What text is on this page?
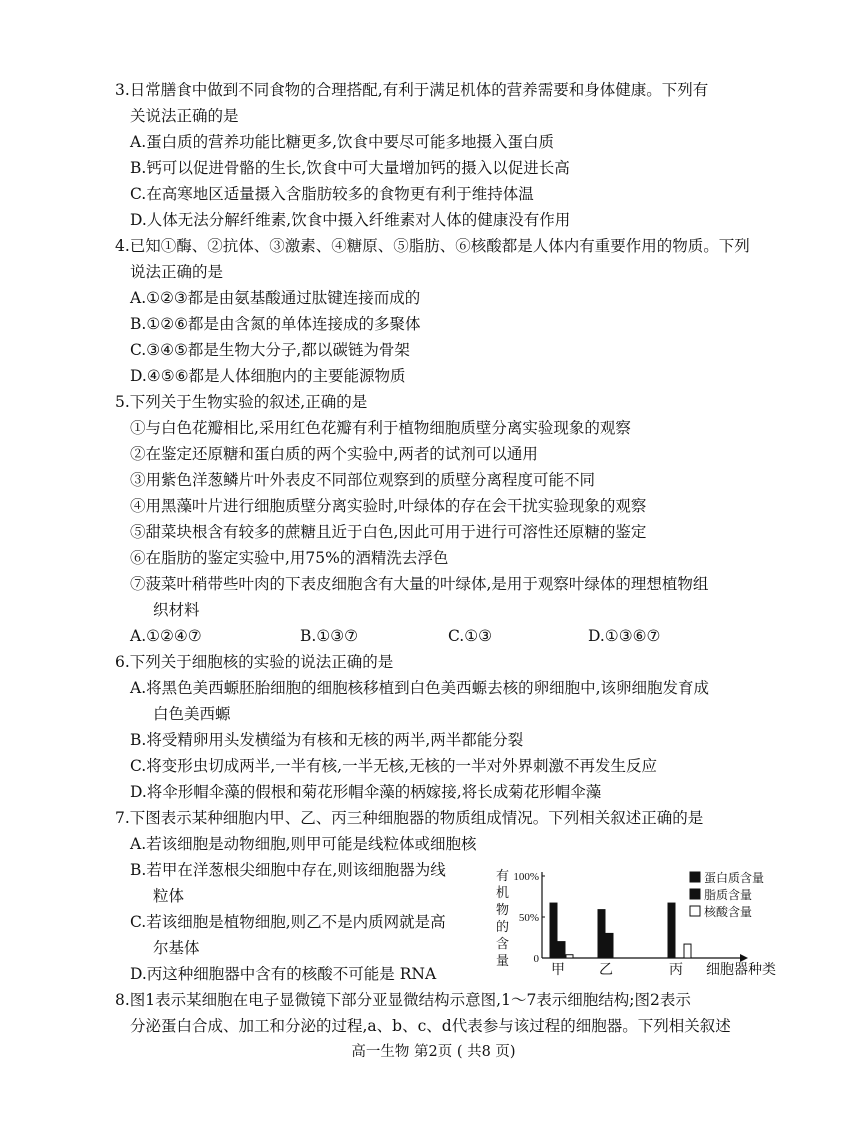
3.日常膳食中做到不同食物的合理搭配,有利于满足机体的营养需要和身体健康。下列有
关说法正确的是
A.蛋白质的营养功能比糖更多,饮食中要尽可能多地摄入蛋白质
B.钙可以促进骨骼的生长,饮食中可大量增加钙的摄入以促进长高
C.在高寒地区适量摄入含脂肪较多的食物更有利于维持体温
D.人体无法分解纤维素,饮食中摄入纤维素对人体的健康没有作用
4.已知①酶、②抗体、③激素、④糖原、⑤脂肪、⑥核酸都是人体内有重要作用的物质。下列
说法正确的是
A.①②③都是由氨基酸通过肽键连接而成的
B.①②⑥都是由含氮的单体连接成的多聚体
C.③④⑤都是生物大分子,都以碳链为骨架
D.④⑤⑥都是人体细胞内的主要能源物质
5.下列关于生物实验的叙述,正确的是
①与白色花瓣相比,采用红色花瓣有利于植物细胞质壁分离实验现象的观察
②在鉴定还原糖和蛋白质的两个实验中,两者的试剂可以通用
③用紫色洋葱鳞片叶外表皮不同部位观察到的质壁分离程度可能不同
④用黑藻叶片进行细胞质壁分离实验时,叶绿体的存在会干扰实验现象的观察
⑤甜菜块根含有较多的蔗糖且近于白色,因此可用于进行可溶性还原糖的鉴定
⑥在脂肪的鉴定实验中,用75%的酒精洗去浮色
⑦菠菜叶稍带些叶肉的下表皮细胞含有大量的叶绿体,是用于观察叶绿体的理想植物组
织材料
A.①②④⑦	B.①③⑦	C.①③	D.①③⑥⑦
6.下列关于细胞核的实验的说法正确的是
A.将黑色美西螈胚胎细胞的细胞核移植到白色美西螈去核的卵细胞中,该卵细胞发育成
白色美西螈
B.将受精卵用头发横缢为有核和无核的两半,两半都能分裂
C.将变形虫切成两半,一半有核,一半无核,无核的一半对外界刺激不再发生反应
D.将伞形帽伞藻的假根和菊花形帽伞藻的柄嫁接,将长成菊花形帽伞藻
7.下图表示某种细胞内甲、乙、丙三种细胞器的物质组成情况。下列相关叙述正确的是
A.若该细胞是动物细胞,则甲可能是线粒体或细胞核
B.若甲在洋葱根尖细胞中存在,则该细胞器为线
粒体
C.若该细胞是植物细胞,则乙不是内质网就是高
尔基体
D.丙这种细胞器中含有的核酸不可能是 RNA
有
机
物
的
含
量
100%
50%
0
甲 乙	丙 细胞器种类
蛋白质含量
脂质含量
核酸含量
8.图1表示某细胞在电子显微镜下部分亚显微结构示意图,1～7表示细胞结构;图2表示
分泌蛋白合成、加工和分泌的过程,a、b、c、d代表参与该过程的细胞器。下列相关叙述
高一生物 第2页 ( 共8 页)
